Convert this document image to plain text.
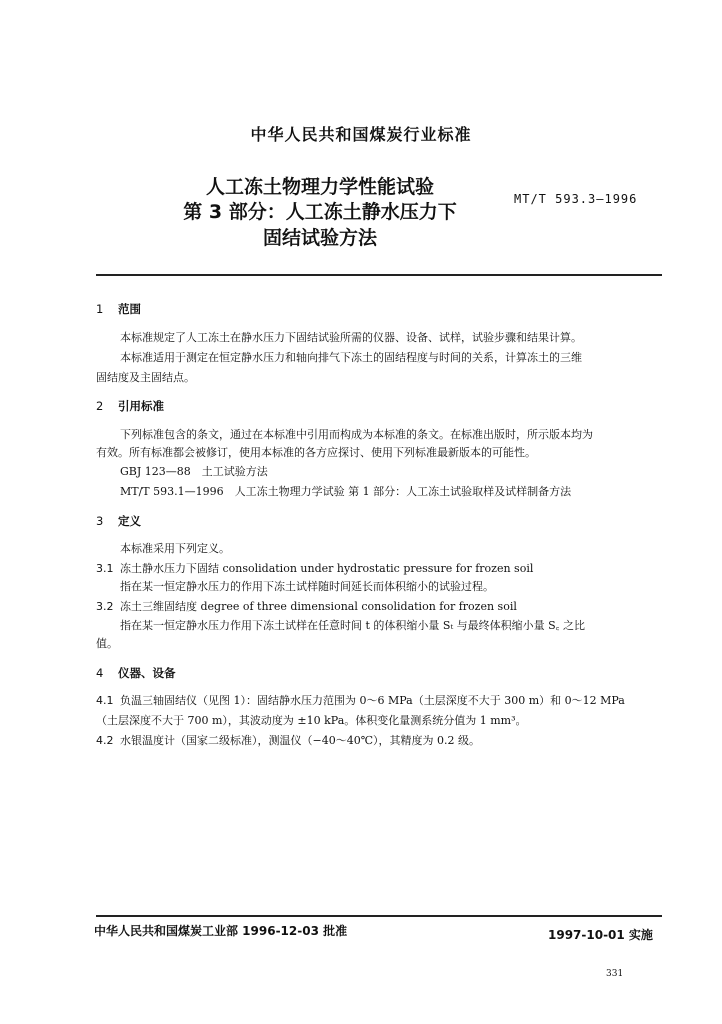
中华人民共和国煤炭行业标准
人工冻土物理力学性能试验
第 3 部分：人工冻土静水压力下
固结试验方法
MT/T 593.3—1996
1 范围
本标准规定了人工冻土在静水压力下固结试验所需的仪器、设备、试样，试验步骤和结果计算。
本标准适用于测定在恒定静水压力和轴向排气下冻土的固结程度与时间的关系，计算冻土的三维
固结度及主固结点。
2 引用标准
下列标准包含的条文，通过在本标准中引用而构成为本标准的条文。在标准出版时，所示版本均为
有效。所有标准都会被修订，使用本标准的各方应探讨、使用下列标准最新版本的可能性。
GBJ 123—88　土工试验方法
MT/T 593.1—1996　人工冻土物理力学试验 第 1 部分：人工冻土试验取样及试样制备方法
3 定义
本标准采用下列定义。
3.1 冻土静水压力下固结 consolidation under hydrostatic pressure for frozen soil
指在某一恒定静水压力的作用下冻土试样随时间延长而体积缩小的试验过程。
3.2 冻土三维固结度 degree of three dimensional consolidation for frozen soil
指在某一恒定静水压力作用下冻土试样在任意时间 t 的体积缩小量 Sₜ 与最终体积缩小量 S꜀ 之比
值。
4 仪器、设备
4.1 负温三轴固结仪（见图 1）：固结静水压力范围为 0～6 MPa（土层深度不大于 300 m）和 0～12 MPa
（土层深度不大于 700 m），其波动度为 ±10 kPa。体积变化量测系统分值为 1 mm³。
4.2 水银温度计（国家二级标准），测温仪（−40～40℃），其精度为 0.2 级。
中华人民共和国煤炭工业部 1996-12-03 批准	1997-10-01 实施
331
